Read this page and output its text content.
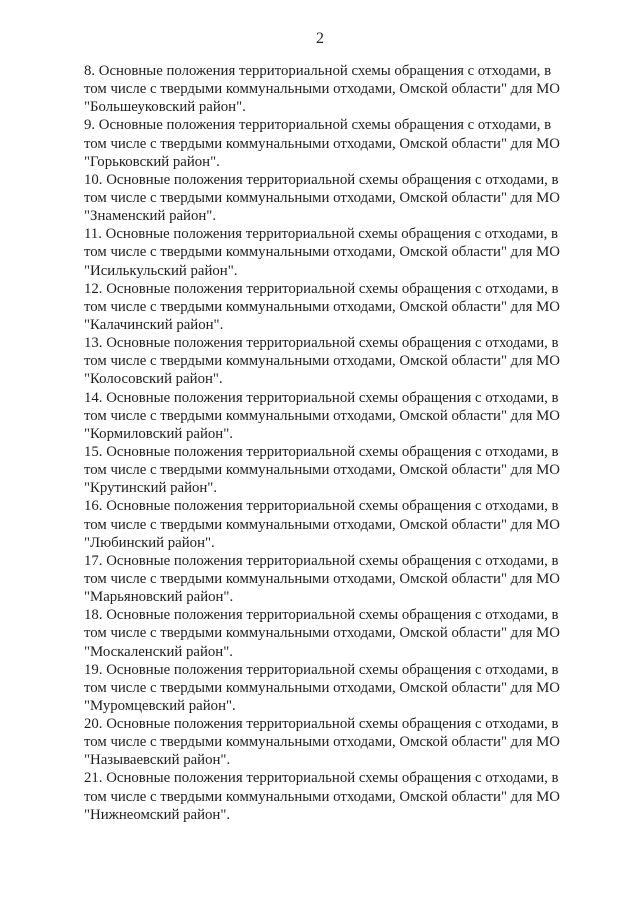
2
8. Основные положения территориальной схемы обращения с отходами, в
том числе с твердыми коммунальными отходами, Омской области" для МО
"Большеуковский район".
9. Основные положения территориальной схемы обращения с отходами, в
том числе с твердыми коммунальными отходами, Омской области" для МО
"Горьковский район".
10. Основные положения территориальной схемы обращения с отходами, в
том числе с твердыми коммунальными отходами, Омской области" для МО
"Знаменский район".
11. Основные положения территориальной схемы обращения с отходами, в
том числе с твердыми коммунальными отходами, Омской области" для МО
"Исилькульский район".
12. Основные положения территориальной схемы обращения с отходами, в
том числе с твердыми коммунальными отходами, Омской области" для МО
"Калачинский район".
13. Основные положения территориальной схемы обращения с отходами, в
том числе с твердыми коммунальными отходами, Омской области" для МО
"Колосовский район".
14. Основные положения территориальной схемы обращения с отходами, в
том числе с твердыми коммунальными отходами, Омской области" для МО
"Кормиловский район".
15. Основные положения территориальной схемы обращения с отходами, в
том числе с твердыми коммунальными отходами, Омской области" для МО
"Крутинский район".
16. Основные положения территориальной схемы обращения с отходами, в
том числе с твердыми коммунальными отходами, Омской области" для МО
"Любинский район".
17. Основные положения территориальной схемы обращения с отходами, в
том числе с твердыми коммунальными отходами, Омской области" для МО
"Марьяновский район".
18. Основные положения территориальной схемы обращения с отходами, в
том числе с твердыми коммунальными отходами, Омской области" для МО
"Москаленский район".
19. Основные положения территориальной схемы обращения с отходами, в
том числе с твердыми коммунальными отходами, Омской области" для МО
"Муромцевский район".
20. Основные положения территориальной схемы обращения с отходами, в
том числе с твердыми коммунальными отходами, Омской области" для МО
"Называевский район".
21. Основные положения территориальной схемы обращения с отходами, в
том числе с твердыми коммунальными отходами, Омской области" для МО
"Нижнеомский район".
